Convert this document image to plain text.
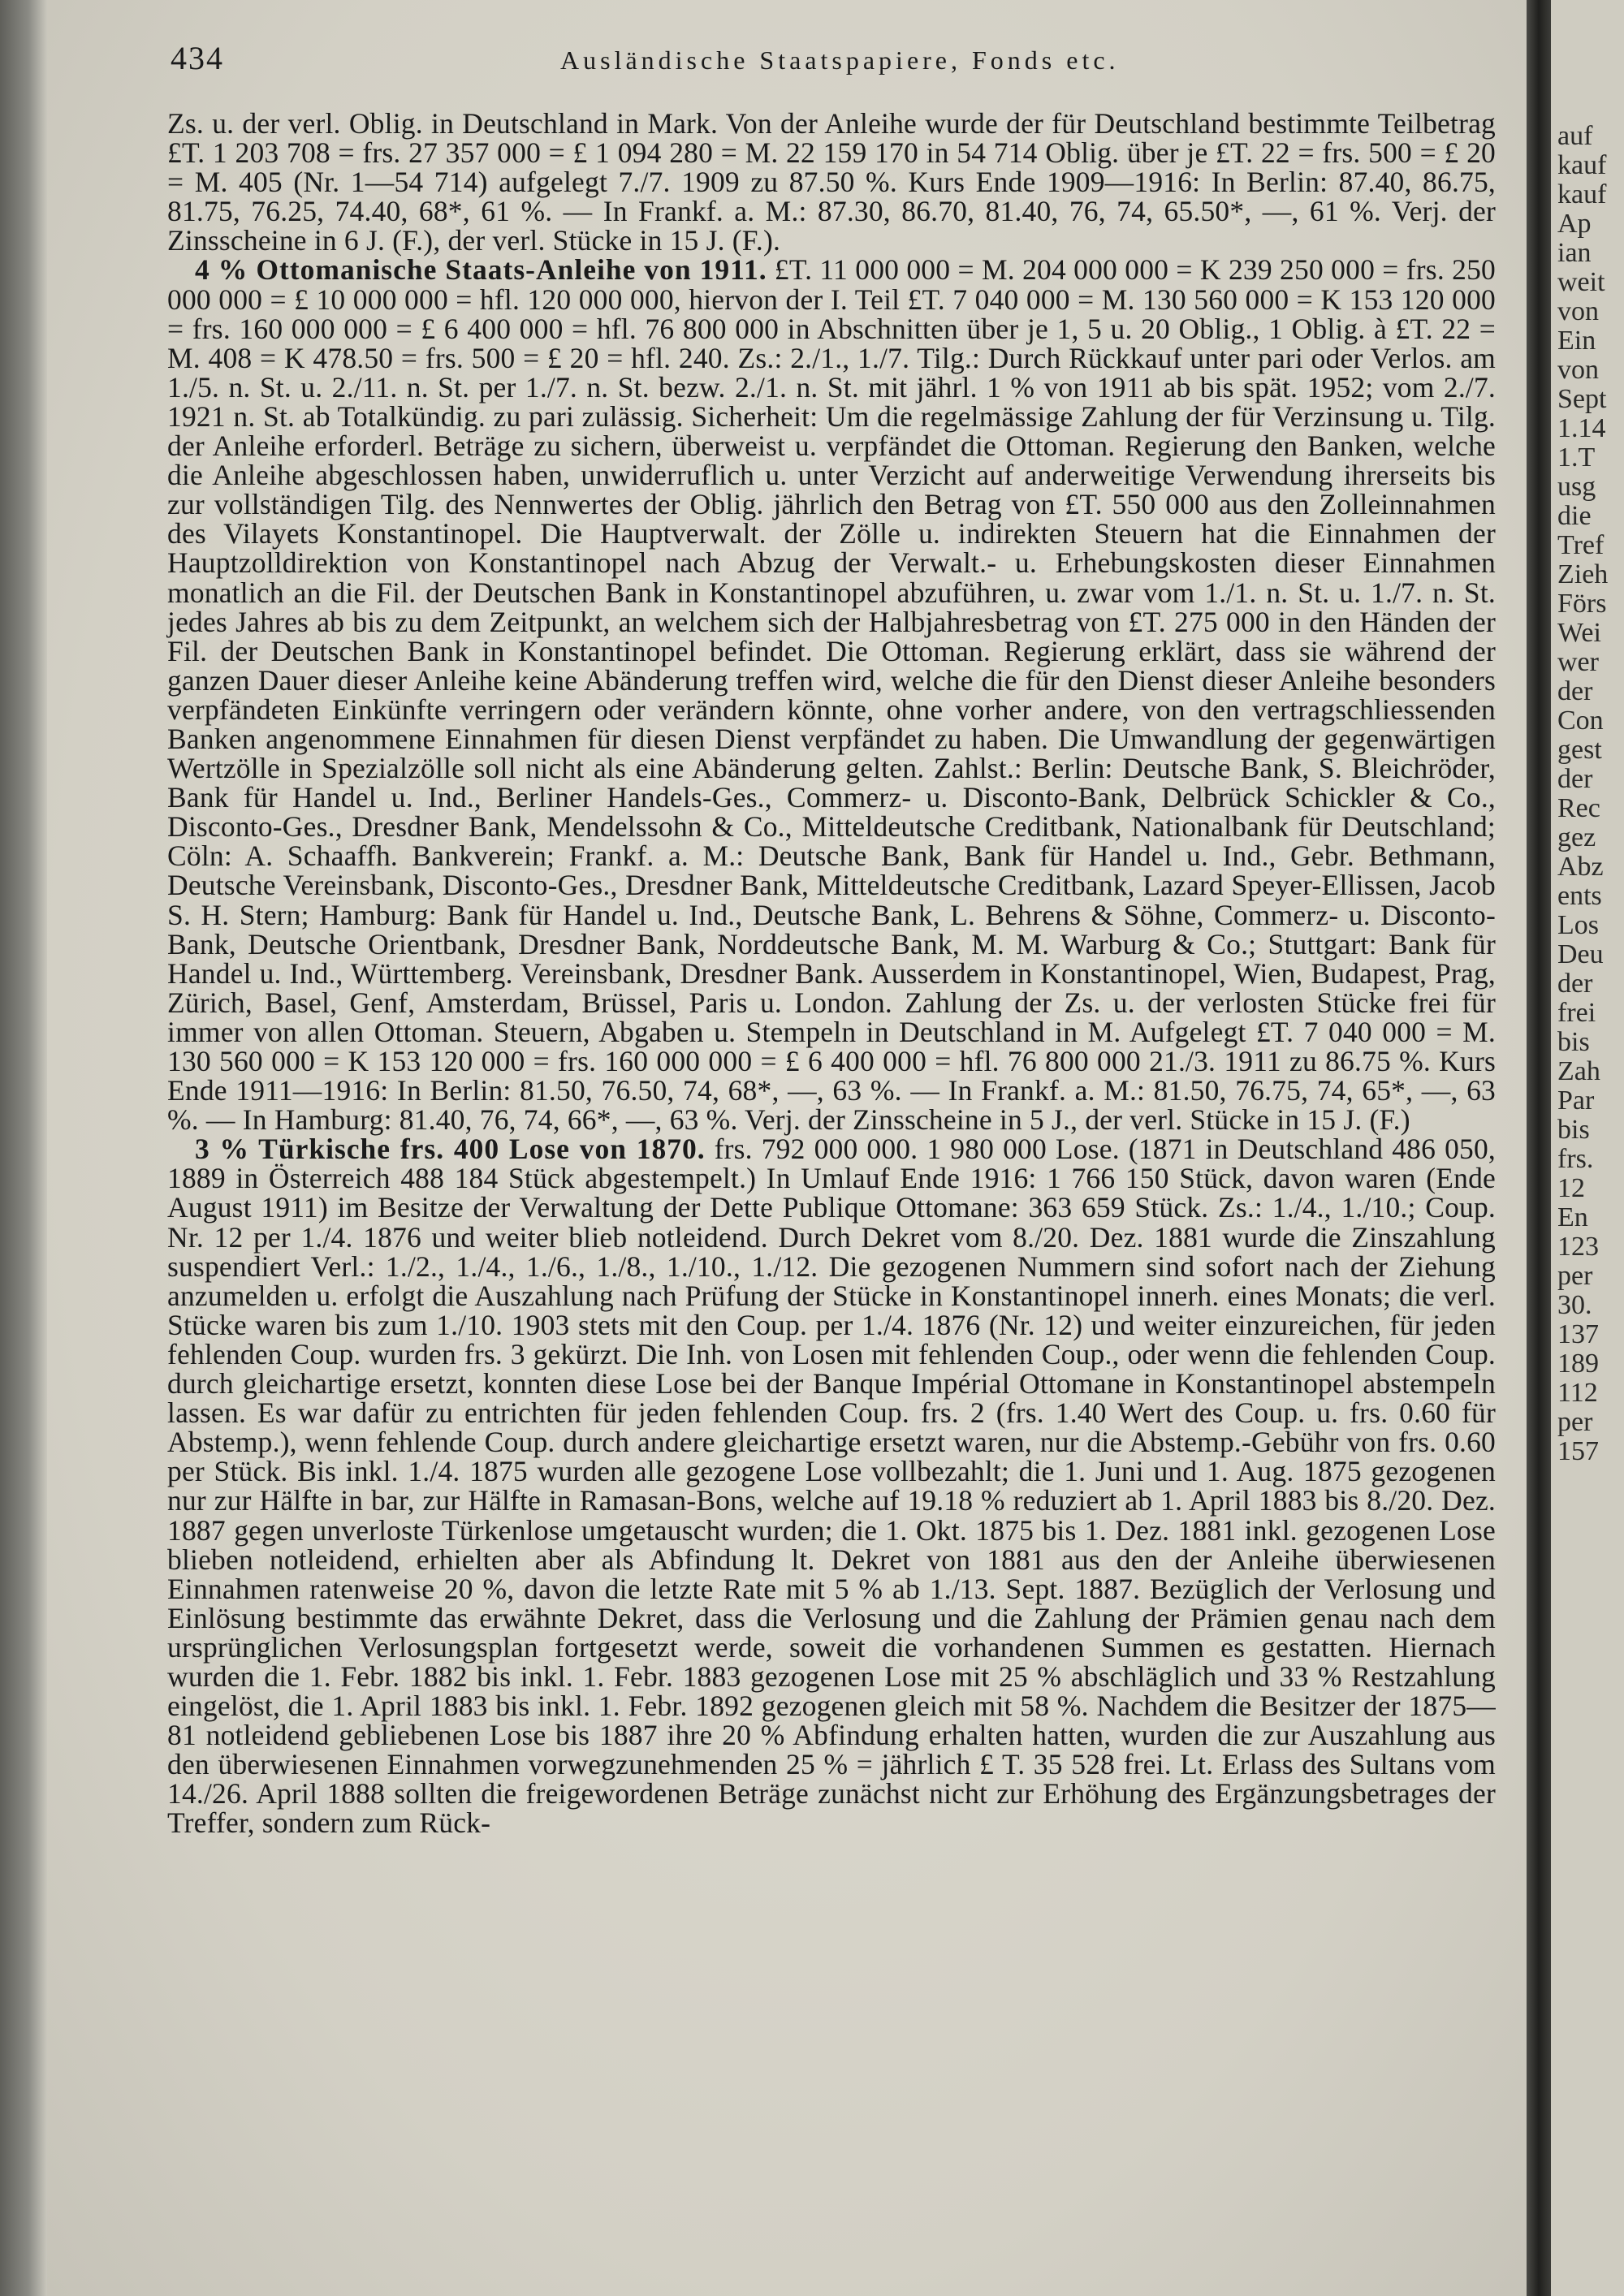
auf
kauf
kauf
Ap
ian
weit
von
Ein
von
Sept
1.14
1.T
usg
die
Tref
Zieh
Förs
Wei
wer
der
Con
gest
der
Rec
gez
Abz
ents
Los
Deu
der
frei
bis
Zah
Par
bis
frs.
12
En
123
per
30.
137
189
112
per
157
434	Ausländische Staatspapiere, Fonds etc.

Zs. u. der verl. Oblig. in Deutschland in Mark. Von der Anleihe wurde der für Deutschland bestimmte Teilbetrag £T. 1 203 708 = frs. 27 357 000 = £ 1 094 280 = M. 22 159 170 in 54 714 Oblig. über je £T. 22 = frs. 500 = £ 20 = M. 405 (Nr. 1—54 714) aufgelegt 7./7. 1909 zu 87.50 %. Kurs Ende 1909—1916: In Berlin: 87.40, 86.75, 81.75, 76.25, 74.40, 68*, 61 %. — In Frankf. a. M.: 87.30, 86.70, 81.40, 76, 74, 65.50*, —, 61 %. Verj. der Zinsscheine in 6 J. (F.), der verl. Stücke in 15 J. (F.).

4 % Ottomanische Staats-Anleihe von 1911. £T. 11 000 000 = M. 204 000 000 = K 239 250 000 = frs. 250 000 000 = £ 10 000 000 = hfl. 120 000 000, hiervon der I. Teil £T. 7 040 000 = M. 130 560 000 = K 153 120 000 = frs. 160 000 000 = £ 6 400 000 = hfl. 76 800 000 in Abschnitten über je 1, 5 u. 20 Oblig., 1 Oblig. à £T. 22 = M. 408 = K 478.50 = frs. 500 = £ 20 = hfl. 240. Zs.: 2./1., 1./7. Tilg.: Durch Rückkauf unter pari oder Verlos. am 1./5. n. St. u. 2./11. n. St. per 1./7. n. St. bezw. 2./1. n. St. mit jährl. 1 % von 1911 ab bis spät. 1952; vom 2./7. 1921 n. St. ab Totalkündig. zu pari zulässig. Sicherheit: Um die regelmässige Zahlung der für Verzinsung u. Tilg. der Anleihe erforderl. Beträge zu sichern, überweist u. verpfändet die Ottoman. Regierung den Banken, welche die Anleihe abgeschlossen haben, unwiderruflich u. unter Verzicht auf anderweitige Verwendung ihrerseits bis zur vollständigen Tilg. des Nennwertes der Oblig. jährlich den Betrag von £T. 550 000 aus den Zolleinnahmen des Vilayets Konstantinopel. Die Hauptverwalt. der Zölle u. indirekten Steuern hat die Einnahmen der Hauptzolldirektion von Konstantinopel nach Abzug der Verwalt.- u. Erhebungskosten dieser Einnahmen monatlich an die Fil. der Deutschen Bank in Konstantinopel abzuführen, u. zwar vom 1./1. n. St. u. 1./7. n. St. jedes Jahres ab bis zu dem Zeitpunkt, an welchem sich der Halbjahresbetrag von £T. 275 000 in den Händen der Fil. der Deutschen Bank in Konstantinopel befindet. Die Ottoman. Regierung erklärt, dass sie während der ganzen Dauer dieser Anleihe keine Abänderung treffen wird, welche die für den Dienst dieser Anleihe besonders verpfändeten Einkünfte verringern oder verändern könnte, ohne vorher andere, von den vertragschliessenden Banken angenommene Einnahmen für diesen Dienst verpfändet zu haben. Die Umwandlung der gegenwärtigen Wertzölle in Spezialzölle soll nicht als eine Abänderung gelten. Zahlst.: Berlin: Deutsche Bank, S. Bleichröder, Bank für Handel u. Ind., Berliner Handels-Ges., Commerz- u. Disconto-Bank, Delbrück Schickler & Co., Disconto-Ges., Dresdner Bank, Mendelssohn & Co., Mitteldeutsche Creditbank, Nationalbank für Deutschland; Cöln: A. Schaaffh. Bankverein; Frankf. a. M.: Deutsche Bank, Bank für Handel u. Ind., Gebr. Bethmann, Deutsche Vereinsbank, Disconto-Ges., Dresdner Bank, Mitteldeutsche Creditbank, Lazard Speyer-Ellissen, Jacob S. H. Stern; Hamburg: Bank für Handel u. Ind., Deutsche Bank, L. Behrens & Söhne, Commerz- u. Disconto-Bank, Deutsche Orientbank, Dresdner Bank, Norddeutsche Bank, M. M. Warburg & Co.; Stuttgart: Bank für Handel u. Ind., Württemberg. Vereinsbank, Dresdner Bank. Ausserdem in Konstantinopel, Wien, Budapest, Prag, Zürich, Basel, Genf, Amsterdam, Brüssel, Paris u. London. Zahlung der Zs. u. der verlosten Stücke frei für immer von allen Ottoman. Steuern, Abgaben u. Stempeln in Deutschland in M. Aufgelegt £T. 7 040 000 = M. 130 560 000 = K 153 120 000 = frs. 160 000 000 = £ 6 400 000 = hfl. 76 800 000 21./3. 1911 zu 86.75 %. Kurs Ende 1911—1916: In Berlin: 81.50, 76.50, 74, 68*, —, 63 %. — In Frankf. a. M.: 81.50, 76.75, 74, 65*, —, 63 %. — In Hamburg: 81.40, 76, 74, 66*, —, 63 %. Verj. der Zinsscheine in 5 J., der verl. Stücke in 15 J. (F.)

3 % Türkische frs. 400 Lose von 1870. frs. 792 000 000. 1 980 000 Lose. (1871 in Deutschland 486 050, 1889 in Österreich 488 184 Stück abgestempelt.) In Umlauf Ende 1916: 1 766 150 Stück, davon waren (Ende August 1911) im Besitze der Verwaltung der Dette Publique Ottomane: 363 659 Stück. Zs.: 1./4., 1./10.; Coup. Nr. 12 per 1./4. 1876 und weiter blieb notleidend. Durch Dekret vom 8./20. Dez. 1881 wurde die Zinszahlung suspendiert Verl.: 1./2., 1./4., 1./6., 1./8., 1./10., 1./12. Die gezogenen Nummern sind sofort nach der Ziehung anzumelden u. erfolgt die Auszahlung nach Prüfung der Stücke in Konstantinopel innerh. eines Monats; die verl. Stücke waren bis zum 1./10. 1903 stets mit den Coup. per 1./4. 1876 (Nr. 12) und weiter einzureichen, für jeden fehlenden Coup. wurden frs. 3 gekürzt. Die Inh. von Losen mit fehlenden Coup., oder wenn die fehlenden Coup. durch gleichartige ersetzt, konnten diese Lose bei der Banque Impérial Ottomane in Konstantinopel abstempeln lassen. Es war dafür zu entrichten für jeden fehlenden Coup. frs. 2 (frs. 1.40 Wert des Coup. u. frs. 0.60 für Abstemp.), wenn fehlende Coup. durch andere gleichartige ersetzt waren, nur die Abstemp.-Gebühr von frs. 0.60 per Stück. Bis inkl. 1./4. 1875 wurden alle gezogene Lose vollbezahlt; die 1. Juni und 1. Aug. 1875 gezogenen nur zur Hälfte in bar, zur Hälfte in Ramasan-Bons, welche auf 19.18 % reduziert ab 1. April 1883 bis 8./20. Dez. 1887 gegen unverloste Türkenlose umgetauscht wurden; die 1. Okt. 1875 bis 1. Dez. 1881 inkl. gezogenen Lose blieben notleidend, erhielten aber als Abfindung lt. Dekret von 1881 aus den der Anleihe überwiesenen Einnahmen ratenweise 20 %, davon die letzte Rate mit 5 % ab 1./13. Sept. 1887. Bezüglich der Verlosung und Einlösung bestimmte das erwähnte Dekret, dass die Verlosung und die Zahlung der Prämien genau nach dem ursprünglichen Verlosungsplan fortgesetzt werde, soweit die vorhandenen Summen es gestatten. Hiernach wurden die 1. Febr. 1882 bis inkl. 1. Febr. 1883 gezogenen Lose mit 25 % abschläglich und 33 % Restzahlung eingelöst, die 1. April 1883 bis inkl. 1. Febr. 1892 gezogenen gleich mit 58 %. Nachdem die Besitzer der 1875—81 notleidend gebliebenen Lose bis 1887 ihre 20 % Abfindung erhalten hatten, wurden die zur Auszahlung aus den überwiesenen Einnahmen vorwegzunehmenden 25 % = jährlich £ T. 35 528 frei. Lt. Erlass des Sultans vom 14./26. April 1888 sollten die freigewordenen Beträge zunächst nicht zur Erhöhung des Ergänzungsbetrages der Treffer, sondern zum Rück-
